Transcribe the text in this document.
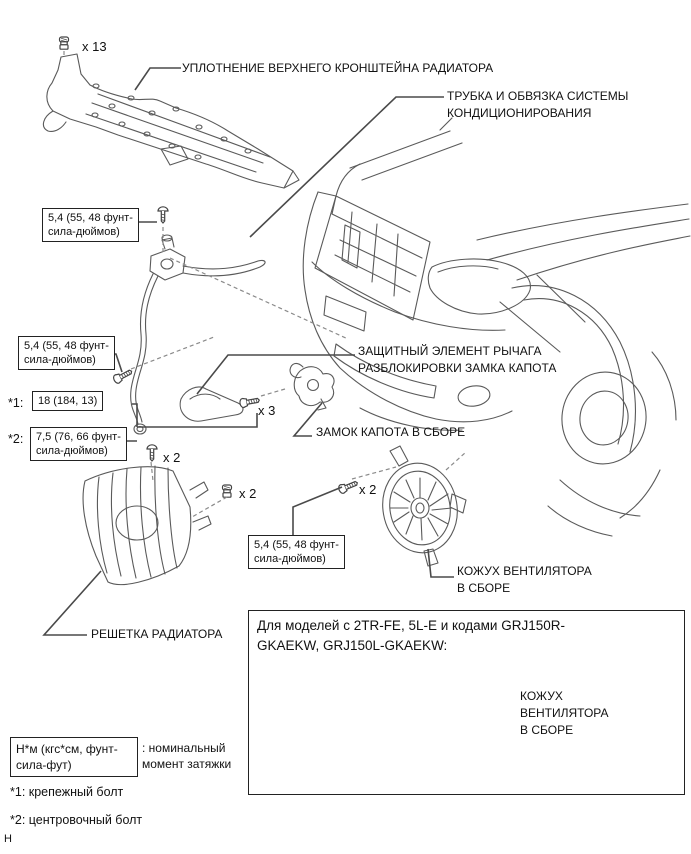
x 13
УПЛОТНЕНИЕ ВЕРХНЕГО КРОНШТЕЙНА РАДИАТОРА
ТРУБКА И ОБВЯЗКА СИСТЕМЫ
КОНДИЦИОНИРОВАНИЯ
5,4 (55, 48 фунт-
сила-дюймов)
5,4 (55, 48 фунт-
сила-дюймов)
*1: 18 (184, 13)
*2: 7,5 (76, 66 фунт-
сила-дюймов)
ЗАЩИТНЫЙ ЭЛЕМЕНТ РЫЧАГА
РАЗБЛОКИРОВКИ ЗАМКА КАПОТА
x 3
ЗАМОК КАПОТА В СБОРЕ
x 2
x 2	x 2
5,4 (55, 48 фунт-
сила-дюймов)
КОЖУХ ВЕНТИЛЯТОРА
В СБОРЕ
РЕШЕТКА РАДИАТОРА
Для моделей с 2TR-FE, 5L-E и кодами GRJ150R-
GKAEKW, GRJ150L-GKAEKW:
КОЖУХ
ВЕНТИЛЯТОРА
В СБОРЕ
Н*м (кгс*см, фунт-
сила-фут)
: номинальный
момент затяжки
*1: крепежный болт
*2: центровочный болт
Н
